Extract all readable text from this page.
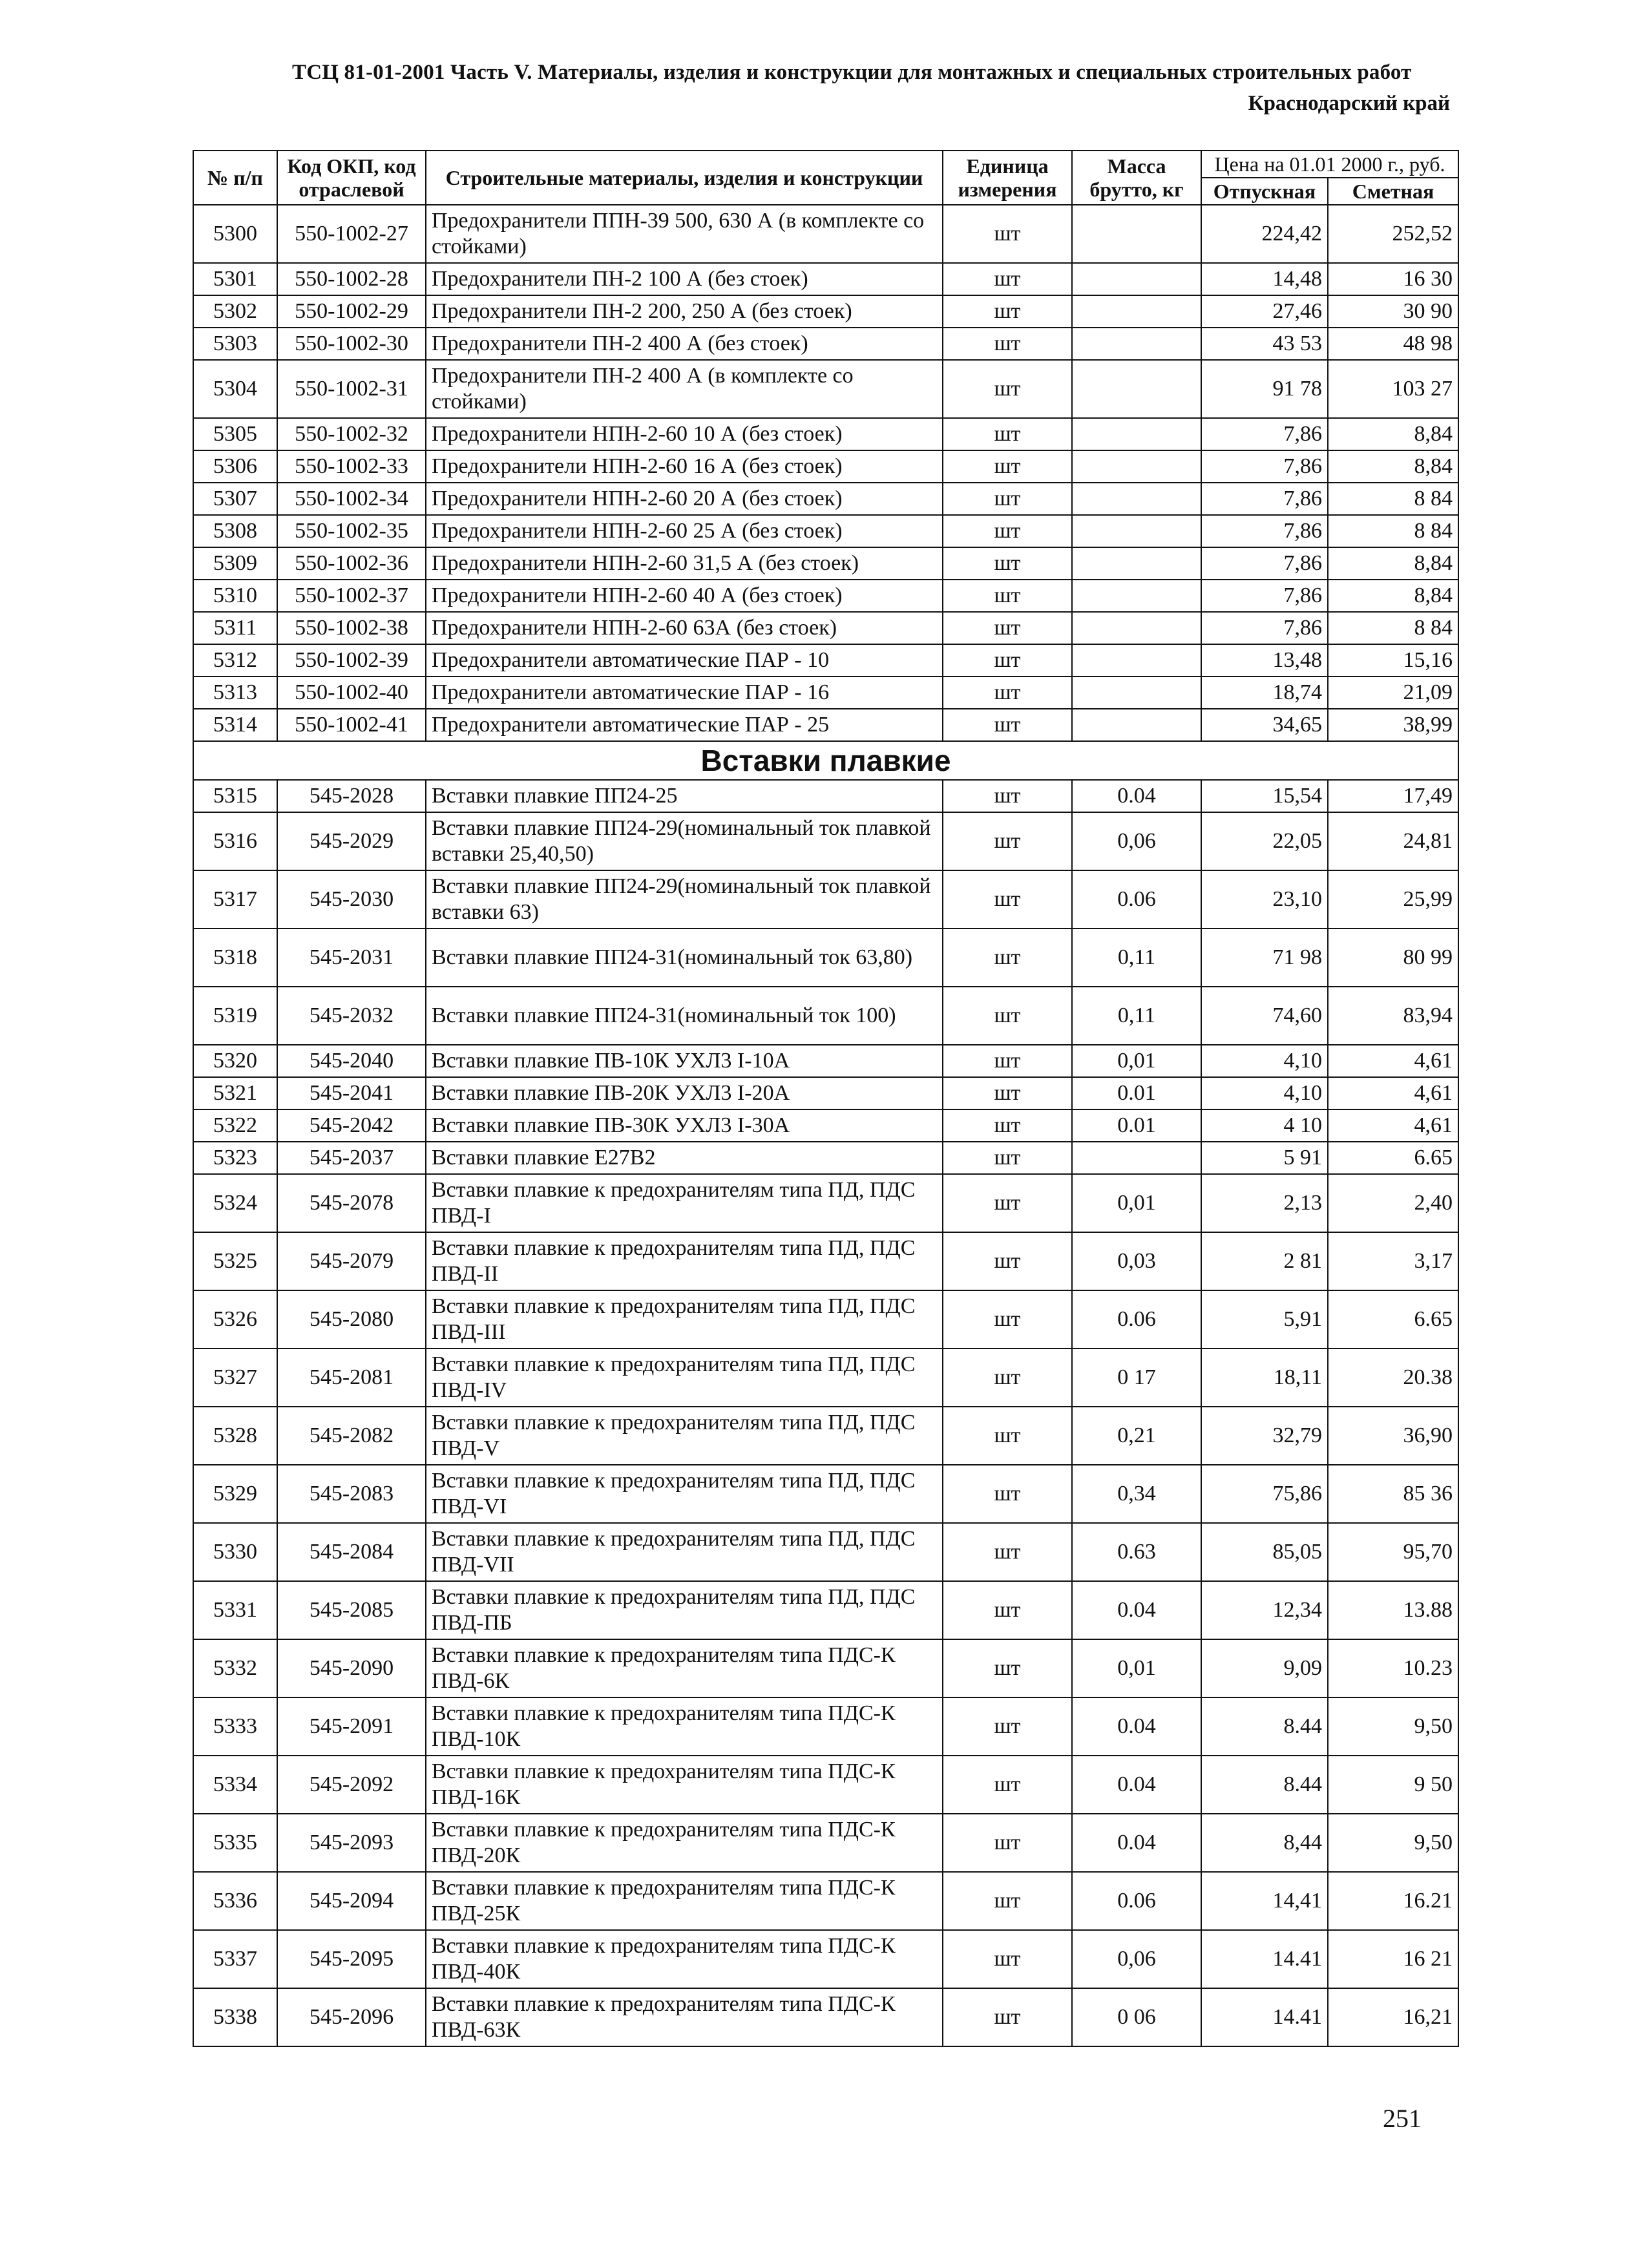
ТСЦ 81-01-2001 Часть V. Материалы, изделия и конструкции для монтажных и специальных строительных работ
Краснодарский край
№ п/п	Код ОКП, код отраслевой	Строительные материалы, изделия и конструкции	Единица измерения	Масса брутто, кг	Цена на 01.01 2000 г., руб.	
					Отпускная	Сметная
5300	550-1002-27	Предохранители ППН-39 500, 630 А (в комплекте со стойками)	шт		224,42	252,52
5301	550-1002-28	Предохранители ПН-2 100 А (без стоек)	шт		14,48	16 30
5302	550-1002-29	Предохранители ПН-2 200, 250 А (без стоек)	шт		27,46	30 90
5303	550-1002-30	Предохранители ПН-2 400 А (без стоек)	шт		43 53	48 98
5304	550-1002-31	Предохранители ПН-2 400 А (в комплекте со стойками)	шт		91 78	103 27
5305	550-1002-32	Предохранители НПН-2-60 10 А (без стоек)	шт		7,86	8,84
5306	550-1002-33	Предохранители НПН-2-60 16 А (без стоек)	шт		7,86	8,84
5307	550-1002-34	Предохранители НПН-2-60 20 А (без стоек)	шт		7,86	8 84
5308	550-1002-35	Предохранители НПН-2-60 25 А (без стоек)	шт		7,86	8 84
5309	550-1002-36	Предохранители НПН-2-60 31,5 А (без стоек)	шт		7,86	8,84
5310	550-1002-37	Предохранители НПН-2-60 40 А (без стоек)	шт		7,86	8,84
5311	550-1002-38	Предохранители НПН-2-60 63А (без стоек)	шт		7,86	8 84
5312	550-1002-39	Предохранители автоматические ПАР - 10	шт		13,48	15,16
5313	550-1002-40	Предохранители автоматические ПАР - 16	шт		18,74	21,09
5314	550-1002-41	Предохранители автоматические ПАР - 25	шт		34,65	38,99
Вставки плавкие						
5315	545-2028	Вставки плавкие ПП24-25	шт	0.04	15,54	17,49
5316	545-2029	Вставки плавкие ПП24-29(номинальный ток плавкой вставки 25,40,50)	шт	0,06	22,05	24,81
5317	545-2030	Вставки плавкие ПП24-29(номинальный ток плавкой вставки 63)	шт	0.06	23,10	25,99
5318	545-2031	Вставки плавкие ПП24-31(номинальный ток 63,80)	шт	0,11	71 98	80 99
5319	545-2032	Вставки плавкие ПП24-31(номинальный ток 100)	шт	0,11	74,60	83,94
5320	545-2040	Вставки плавкие ПВ-10К УХЛ3 I-10А	шт	0,01	4,10	4,61
5321	545-2041	Вставки плавкие ПВ-20К УХЛ3 I-20А	шт	0.01	4,10	4,61
5322	545-2042	Вставки плавкие ПВ-30К УХЛ3 I-30А	шт	0.01	4 10	4,61
5323	545-2037	Вставки плавкие Е27В2	шт		5 91	6.65
5324	545-2078	Вставки плавкие к предохранителям типа ПД, ПДС ПВД-I	шт	0,01	2,13	2,40
5325	545-2079	Вставки плавкие к предохранителям типа ПД, ПДС ПВД-II	шт	0,03	2 81	3,17
5326	545-2080	Вставки плавкие к предохранителям типа ПД, ПДС ПВД-III	шт	0.06	5,91	6.65
5327	545-2081	Вставки плавкие к предохранителям типа ПД, ПДС ПВД-IV	шт	0 17	18,11	20.38
5328	545-2082	Вставки плавкие к предохранителям типа ПД, ПДС ПВД-V	шт	0,21	32,79	36,90
5329	545-2083	Вставки плавкие к предохранителям типа ПД, ПДС ПВД-VI	шт	0,34	75,86	85 36
5330	545-2084	Вставки плавкие к предохранителям типа ПД, ПДС ПВД-VII	шт	0.63	85,05	95,70
5331	545-2085	Вставки плавкие к предохранителям типа ПД, ПДС ПВД-ПБ	шт	0.04	12,34	13.88
5332	545-2090	Вставки плавкие к предохранителям типа ПДС-К ПВД-6К	шт	0,01	9,09	10.23
5333	545-2091	Вставки плавкие к предохранителям типа ПДС-К ПВД-10К	шт	0.04	8.44	9,50
5334	545-2092	Вставки плавкие к предохранителям типа ПДС-К ПВД-16К	шт	0.04	8.44	9 50
5335	545-2093	Вставки плавкие к предохранителям типа ПДС-К ПВД-20К	шт	0.04	8,44	9,50
5336	545-2094	Вставки плавкие к предохранителям типа ПДС-К ПВД-25К	шт	0.06	14,41	16.21
5337	545-2095	Вставки плавкие к предохранителям типа ПДС-К ПВД-40К	шт	0,06	14.41	16 21
5338	545-2096	Вставки плавкие к предохранителям типа ПДС-К ПВД-63К	шт	0 06	14.41	16,21
251
